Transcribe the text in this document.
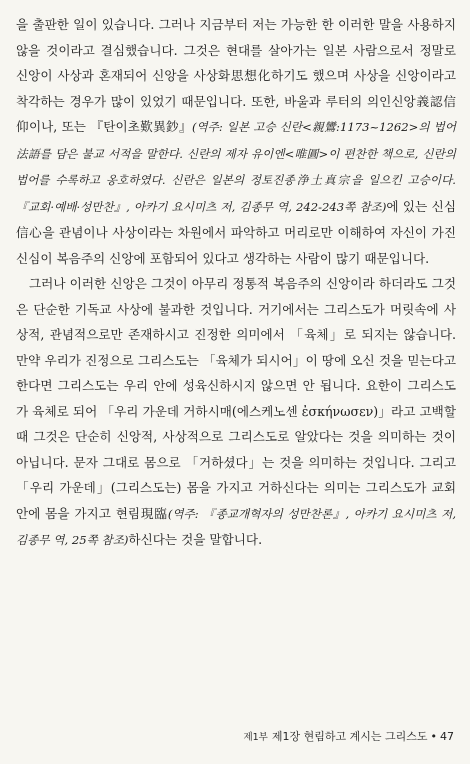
을 출판한 일이 있습니다. 그러나 지금부터 저는 가능한 한 이러한 말을 사용하지 않을 것이라고 결심했습니다. 그것은 현대를 살아가는 일본 사람으로서 정말로 신앙이 사상과 혼재되어 신앙을 사상화思想化하기도 했으며 사상을 신앙이라고 착각하는 경우가 많이 있었기 때문입니다. 또한, 바울과 루터의 의인신앙義認信仰이나, 또는 『탄이초歎異鈔』(역주: 일본 고승 신란<親鸞:1173~1262>의 법어法語를 담은 불교 서적을 말한다. 신란의 제자 유이엔<唯圓>이 편찬한 책으로, 신란의 법어를 수록하고 옹호하였다. 신란은 일본의 정토진종浄土真宗을 일으킨 고승이다. 『교회·예배·성만찬』, 아카기 요시미츠 저, 김종무 역, 242-243쪽 참조)에 있는 신심信心을 관념이나 사상이라는 차원에서 파악하고 머리로만 이해하여 자신이 가진 신심이 복음주의 신앙에 포함되어 있다고 생각하는 사람이 많기 때문입니다.

그러나 이러한 신앙은 그것이 아무리 정통적 복음주의 신앙이라 하더라도 그것은 단순한 기독교 사상에 불과한 것입니다. 거기에서는 그리스도가 머릿속에 사상적, 관념적으로만 존재하시고 진정한 의미에서 「육체」로 되지는 않습니다. 만약 우리가 진정으로 그리스도는 「육체가 되시어」이 땅에 오신 것을 믿는다고 한다면 그리스도는 우리 안에 성육신하시지 않으면 안 됩니다. 요한이 그리스도가 육체로 되어 「우리 가운데 거하시매(에스케노센 ἐσκήνωσεν)」라고 고백할 때 그것은 단순히 신앙적, 사상적으로 그리스도로 알았다는 것을 의미하는 것이 아닙니다. 문자 그대로 몸으로 「거하셨다」는 것을 의미하는 것입니다. 그리고 「우리 가운데」(그리스도는) 몸을 가지고 거하신다는 의미는 그리스도가 교회 안에 몸을 가지고 현림現臨(역주: 『종교개혁자의 성만찬론』, 아카기 요시미츠 저, 김종무 역, 25쪽 참조)하신다는 것을 말합니다.

제1부 제1장 현림하고 계시는 그리스도 • 47
